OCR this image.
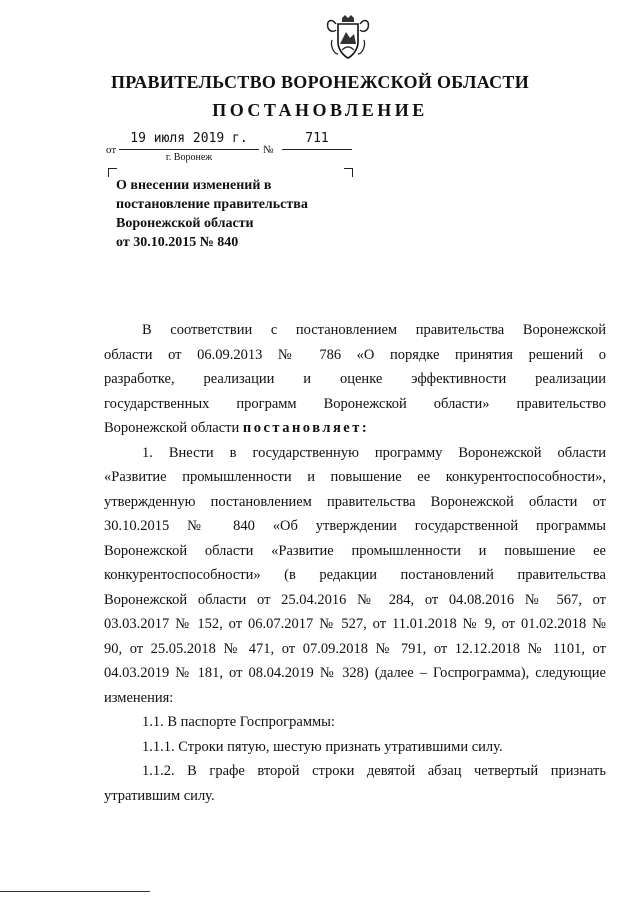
ПРАВИТЕЛЬСТВО ВОРОНЕЖСКОЙ ОБЛАСТИ
ПОСТАНОВЛЕНИЕ
от
19 июля 2019 г.
№
711
г. Воронеж
О внесении изменений в
постановление правительства
Воронежской области
от 30.10.2015 № 840
В соответствии с постановлением правительства Воронежской
области от 06.09.2013 № 786 «О порядке принятия решений о
разработке, реализации и оценке эффективности реализации
государственных программ Воронежской области» правительство
Воронежской области постановляет:
1. Внести в государственную программу Воронежской области
«Развитие промышленности и повышение ее конкурентоспособности»,
утвержденную постановлением правительства Воронежской области от
30.10.2015 № 840 «Об утверждении государственной программы
Воронежской области «Развитие промышленности и повышение ее
конкурентоспособности» (в редакции постановлений правительства
Воронежской области от 25.04.2016 № 284, от 04.08.2016 № 567, от
03.03.2017 № 152, от 06.07.2017 № 527, от 11.01.2018 № 9, от 01.02.2018 №
90, от 25.05.2018 № 471, от 07.09.2018 № 791, от 12.12.2018 № 1101, от
04.03.2019 № 181, от 08.04.2019 № 328) (далее – Госпрограмма), следующие
изменения:
1.1. В паспорте Госпрограммы:
1.1.1. Строки пятую, шестую признать утратившими силу.
1.1.2. В графе второй строки девятой абзац четвертый признать
утратившим силу.
